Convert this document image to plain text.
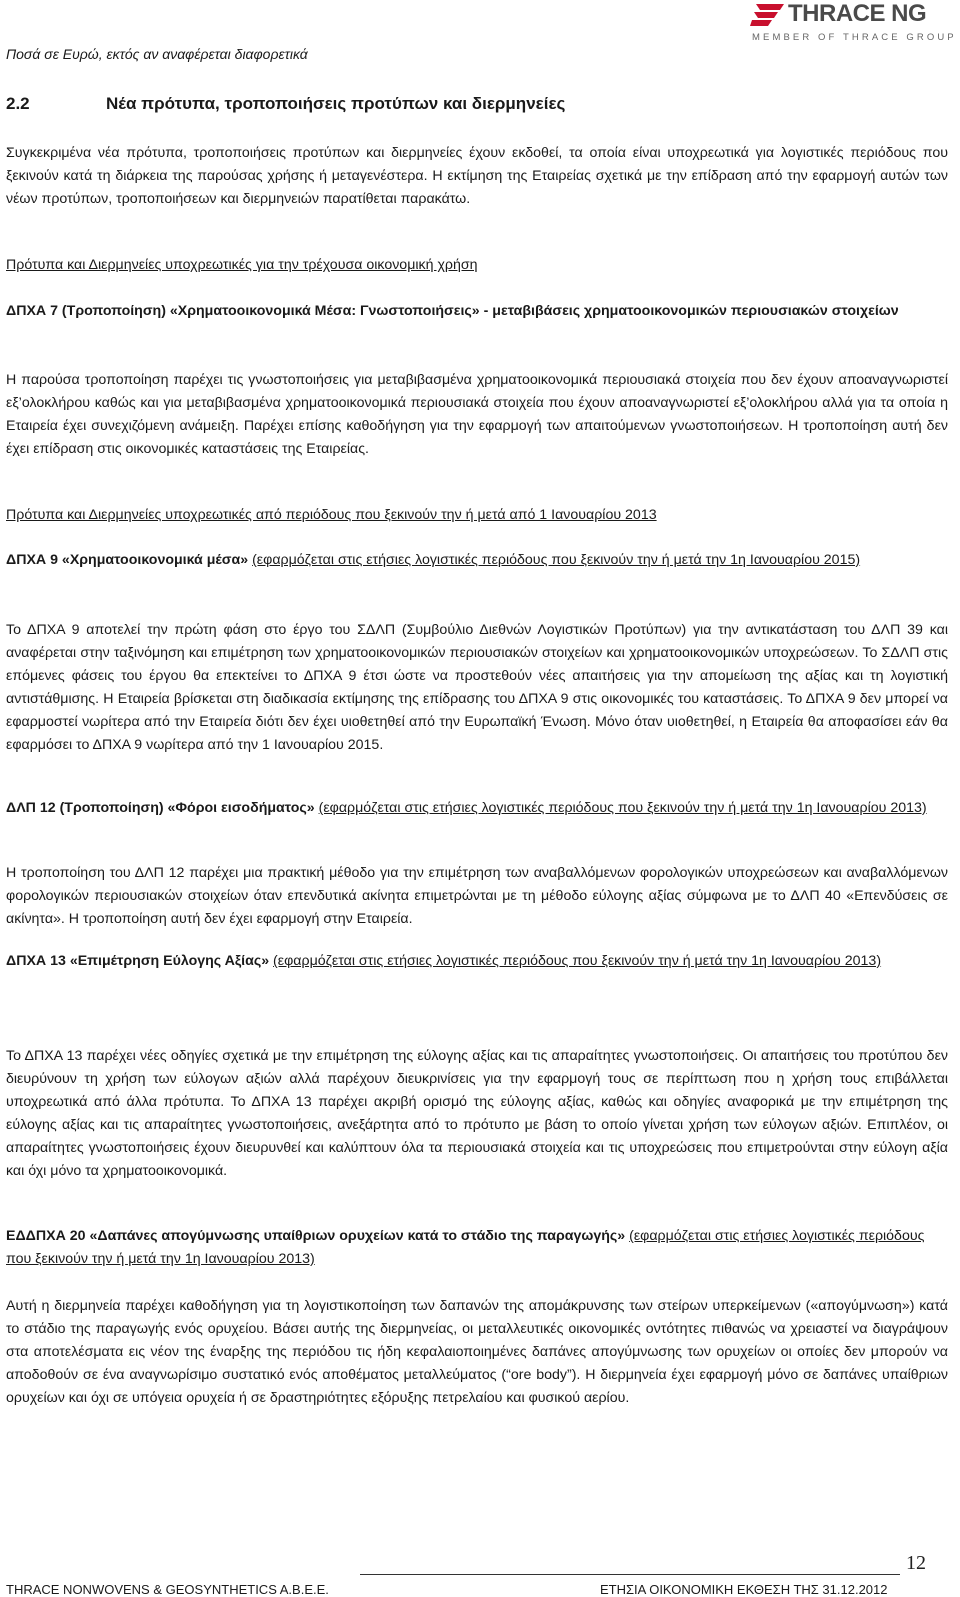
Ποσά σε Ευρώ, εκτός αν αναφέρεται διαφορετικά
THRACE NG
MEMBER OF THRACE GROUP
2.2	Νέα πρότυπα, τροποποιήσεις προτύπων και διερμηνείες
Συγκεκριμένα νέα πρότυπα, τροποποιήσεις προτύπων και διερμηνείες έχουν εκδοθεί, τα οποία είναι υποχρεωτικά για λογιστικές περιόδους που ξεκινούν κατά τη διάρκεια της παρούσας χρήσης ή μεταγενέστερα. Η εκτίμηση της Εταιρείας σχετικά με την επίδραση από την εφαρμογή αυτών των νέων προτύπων, τροποποιήσεων και διερμηνειών παρατίθεται παρακάτω.
Πρότυπα και Διερμηνείες υποχρεωτικές για την τρέχουσα οικονομική χρήση
ΔΠΧΑ 7 (Τροποποίηση) «Χρηματοοικονομικά Μέσα: Γνωστοποιήσεις» - μεταβιβάσεις χρηματοοικονομικών περιουσιακών στοιχείων
Η παρούσα τροποποίηση παρέχει τις γνωστοποιήσεις για μεταβιβασμένα χρηματοοικονομικά περιουσιακά στοιχεία που δεν έχουν αποαναγνωριστεί εξ’ολοκλήρου καθώς και για μεταβιβασμένα χρηματοοικονομικά περιουσιακά στοιχεία που έχουν αποαναγνωριστεί εξ’ολοκλήρου αλλά για τα οποία η Εταιρεία έχει συνεχιζόμενη ανάμειξη. Παρέχει επίσης καθοδήγηση για την εφαρμογή των απαιτούμενων γνωστοποιήσεων. Η τροποποίηση αυτή δεν έχει επίδραση στις οικονομικές καταστάσεις της Εταιρείας.
Πρότυπα και Διερμηνείες υποχρεωτικές από περιόδους που ξεκινούν την ή μετά από 1 Ιανουαρίου 2013
ΔΠΧΑ 9 «Χρηματοοικονομικά μέσα» (εφαρμόζεται στις ετήσιες λογιστικές περιόδους που ξεκινούν την ή μετά την 1η Ιανουαρίου 2015)
Το ΔΠΧΑ 9 αποτελεί την πρώτη φάση στο έργο του ΣΔΛΠ (Συμβούλιο Διεθνών Λογιστικών Προτύπων) για την αντικατάσταση του ΔΛΠ 39 και αναφέρεται στην ταξινόμηση και επιμέτρηση των χρηματοοικονομικών περιουσιακών στοιχείων και χρηματοοικονομικών υποχρεώσεων. Το ΣΔΛΠ στις επόμενες φάσεις του έργου θα επεκτείνει το ΔΠΧΑ 9 έτσι ώστε να προστεθούν νέες απαιτήσεις για την απομείωση της αξίας και τη λογιστική αντιστάθμισης. Η Εταιρεία βρίσκεται στη διαδικασία εκτίμησης της επίδρασης του ΔΠΧΑ 9 στις οικονομικές του καταστάσεις. Το ΔΠΧΑ 9 δεν μπορεί να εφαρμοστεί νωρίτερα από την Εταιρεία διότι δεν έχει υιοθετηθεί από την Ευρωπαϊκή Ένωση. Μόνο όταν υιοθετηθεί, η Εταιρεία θα αποφασίσει εάν θα εφαρμόσει το ΔΠΧΑ 9 νωρίτερα από την 1 Ιανουαρίου 2015.
ΔΛΠ 12 (Τροποποίηση) «Φόροι εισοδήματος» (εφαρμόζεται στις ετήσιες λογιστικές περιόδους που ξεκινούν την ή μετά την 1η Ιανουαρίου 2013)
Η τροποποίηση του ΔΛΠ 12 παρέχει μια πρακτική μέθοδο για την επιμέτρηση των αναβαλλόμενων φορολογικών υποχρεώσεων και αναβαλλόμενων φορολογικών περιουσιακών στοιχείων όταν επενδυτικά ακίνητα επιμετρώνται με τη μέθοδο εύλογης αξίας σύμφωνα με το ΔΛΠ 40 «Επενδύσεις σε ακίνητα». Η τροποποίηση αυτή δεν έχει εφαρμογή στην Εταιρεία.
ΔΠΧΑ 13 «Επιμέτρηση Εύλογης Αξίας» (εφαρμόζεται στις ετήσιες λογιστικές περιόδους που ξεκινούν την ή μετά την 1η Ιανουαρίου 2013)
Το ΔΠΧΑ 13 παρέχει νέες οδηγίες σχετικά με την επιμέτρηση της εύλογης αξίας και τις απαραίτητες γνωστοποιήσεις. Οι απαιτήσεις του προτύπου δεν διευρύνουν τη χρήση των εύλογων αξιών αλλά παρέχουν διευκρινίσεις για την εφαρμογή τους σε περίπτωση που η χρήση τους επιβάλλεται υποχρεωτικά από άλλα πρότυπα. Το ΔΠΧΑ 13 παρέχει ακριβή ορισμό της εύλογης αξίας, καθώς και οδηγίες αναφορικά με την επιμέτρηση της εύλογης αξίας και τις απαραίτητες γνωστοποιήσεις, ανεξάρτητα από το πρότυπο με βάση το οποίο γίνεται χρήση των εύλογων αξιών. Επιπλέον, οι απαραίτητες γνωστοποιήσεις έχουν διευρυνθεί και καλύπτουν όλα τα περιουσιακά στοιχεία και τις υποχρεώσεις που επιμετρούνται στην εύλογη αξία και όχι μόνο τα χρηματοοικονομικά.
ΕΔΔΠΧΑ 20 «Δαπάνες απογύμνωσης υπαίθριων ορυχείων κατά το στάδιο της παραγωγής» (εφαρμόζεται στις ετήσιες λογιστικές περιόδους που ξεκινούν την ή μετά την 1η Ιανουαρίου 2013)
Αυτή η διερμηνεία παρέχει καθοδήγηση για τη λογιστικοποίηση των δαπανών της απομάκρυνσης των στείρων υπερκείμενων («απογύμνωση») κατά το στάδιο της παραγωγής ενός ορυχείου. Βάσει αυτής της διερμηνείας, οι μεταλλευτικές οικονομικές οντότητες πιθανώς να χρειαστεί να διαγράψουν στα αποτελέσματα εις νέον της έναρξης της περιόδου τις ήδη κεφαλαιοποιημένες δαπάνες απογύμνωσης των ορυχείων οι οποίες δεν μπορούν να αποδοθούν σε ένα αναγνωρίσιμο συστατικό ενός αποθέματος μεταλλεύματος (“ore body”). Η διερμηνεία έχει εφαρμογή μόνο σε δαπάνες υπαίθριων ορυχείων και όχι σε υπόγεια ορυχεία ή σε δραστηριότητες εξόρυξης πετρελαίου και φυσικού αερίου.
12
THRACE NONWOVENS & GEOSYNTHETICS A.B.E.E.	ΕΤΗΣΙΑ ΟΙΚΟΝΟΜΙΚΗ ΕΚΘΕΣΗ ΤΗΣ 31.12.2012
